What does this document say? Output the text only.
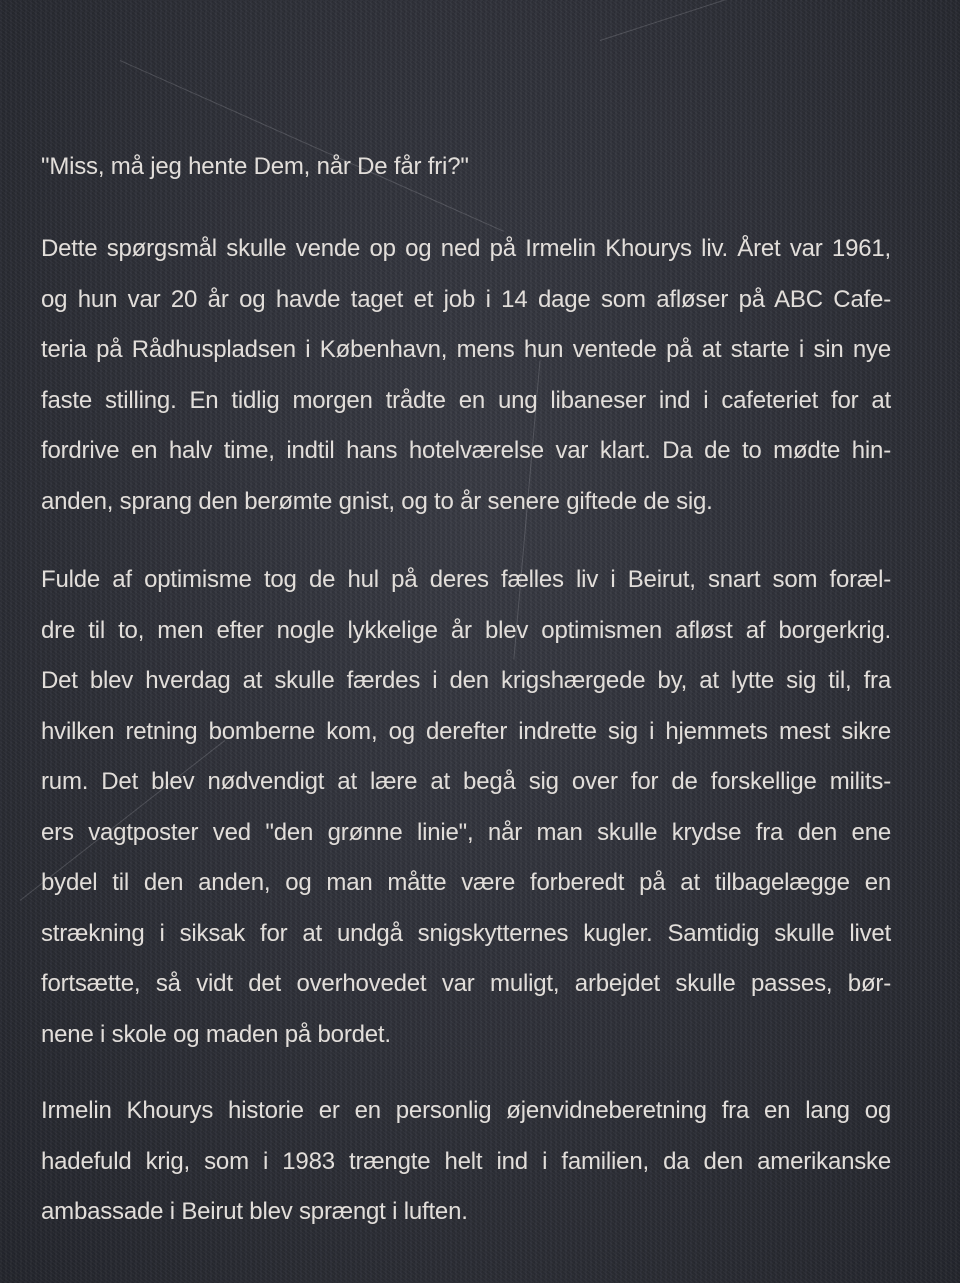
"Miss, må jeg hente Dem, når De får fri?"
Dette spørgsmål skulle vende op og ned på Irmelin Khourys liv. Året var 1961,
og hun var 20 år og havde taget et job i 14 dage som afløser på ABC Cafe-
teria på Rådhuspladsen i København, mens hun ventede på at starte i sin nye
faste stilling. En tidlig morgen trådte en ung libaneser ind i cafeteriet for at
fordrive en halv time, indtil hans hotelværelse var klart. Da de to mødte hin-
anden, sprang den berømte gnist, og to år senere giftede de sig.
Fulde af optimisme tog de hul på deres fælles liv i Beirut, snart som foræl-
dre til to, men efter nogle lykkelige år blev optimismen afløst af borgerkrig.
Det blev hverdag at skulle færdes i den krigshærgede by, at lytte sig til, fra
hvilken retning bomberne kom, og derefter indrette sig i hjemmets mest sikre
rum. Det blev nødvendigt at lære at begå sig over for de forskellige milits-
ers vagtposter ved "den grønne linie", når man skulle krydse fra den ene
bydel til den anden, og man måtte være forberedt på at tilbagelægge en
strækning i siksak for at undgå snigskytternes kugler. Samtidig skulle livet
fortsætte, så vidt det overhovedet var muligt, arbejdet skulle passes, bør-
nene i skole og maden på bordet.
Irmelin Khourys historie er en personlig øjenvidneberetning fra en lang og
hadefuld krig, som i 1983 trængte helt ind i familien, da den amerikanske
ambassade i Beirut blev sprængt i luften.
